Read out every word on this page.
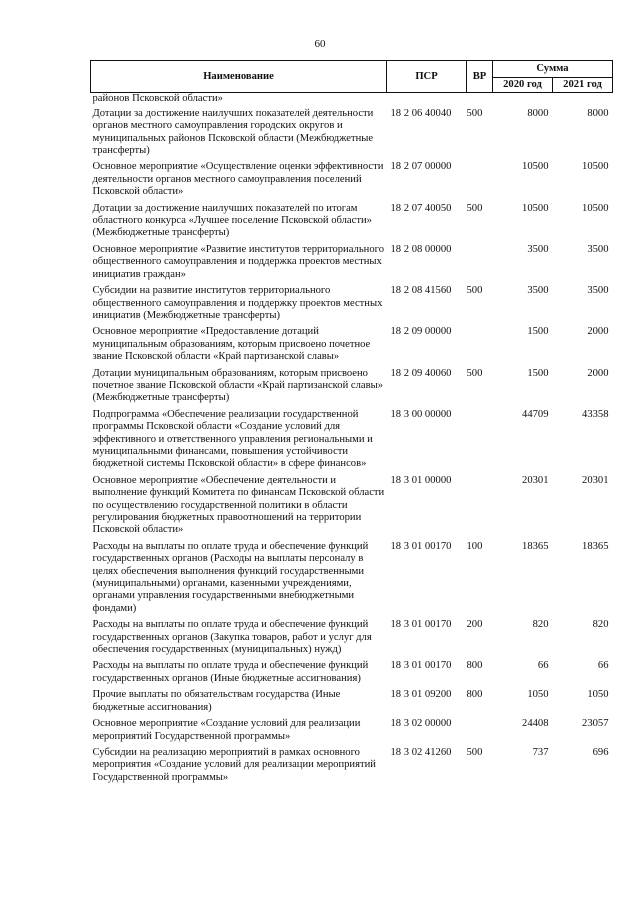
60
Наименование	ПСР	ВР	Сумма	
			2020 год	2021 год
районов Псковской области»				
Дотации за достижение наилучших показателей деятельности органов местного самоуправления городских округов и муниципальных районов Псковской области (Межбюджетные трансферты)	18 2 06 40040	500	8000	8000
Основное мероприятие «Осуществление оценки эффективности деятельности органов местного самоуправления поселений Псковской области»	18 2 07 00000		10500	10500
Дотации за достижение наилучших показателей по итогам областного конкурса «Лучшее поселение Псковской области» (Межбюджетные трансферты)	18 2 07 40050	500	10500	10500
Основное мероприятие «Развитие институтов территориального общественного самоуправления и поддержка проектов местных инициатив граждан»	18 2 08 00000		3500	3500
Субсидии на развитие институтов территориального общественного самоуправления и поддержку проектов местных инициатив (Межбюджетные трансферты)	18 2 08 41560	500	3500	3500
Основное мероприятие «Предоставление дотаций муниципальным образованиям, которым присвоено почетное звание Псковской области «Край партизанской славы»	18 2 09 00000		1500	2000
Дотации муниципальным образованиям, которым присвоено почетное звание Псковской области «Край партизанской славы» (Межбюджетные трансферты)	18 2 09 40060	500	1500	2000
Подпрограмма «Обеспечение реализации государственной программы Псковской области «Создание условий для эффективного и ответственного управления региональными и муниципальными финансами, повышения устойчивости бюджетной системы Псковской области» в сфере финансов»	18 3 00 00000		44709	43358
Основное мероприятие «Обеспечение деятельности и выполнение функций Комитета по финансам Псковской области по осуществлению государственной политики в области регулирования бюджетных правоотношений на территории Псковской области»	18 3 01 00000		20301	20301
Расходы на выплаты по оплате труда и обеспечение функций государственных органов (Расходы на выплаты персоналу в целях обеспечения выполнения функций государственными (муниципальными) органами, казенными учреждениями, органами управления государственными внебюджетными фондами)	18 3 01 00170	100	18365	18365
Расходы на выплаты по оплате труда и обеспечение функций государственных органов (Закупка товаров, работ и услуг для обеспечения государственных (муниципальных) нужд)	18 3 01 00170	200	820	820
Расходы на выплаты по оплате труда и обеспечение функций государственных органов (Иные бюджетные ассигнования)	18 3 01 00170	800	66	66
Прочие выплаты по обязательствам государства (Иные бюджетные ассигнования)	18 3 01 09200	800	1050	1050
Основное мероприятие «Создание условий для реализации мероприятий Государственной программы»	18 3 02 00000		24408	23057
Субсидии на реализацию мероприятий в рамках основного мероприятия «Создание условий для реализации мероприятий Государственной программы»	18 3 02 41260	500	737	696
